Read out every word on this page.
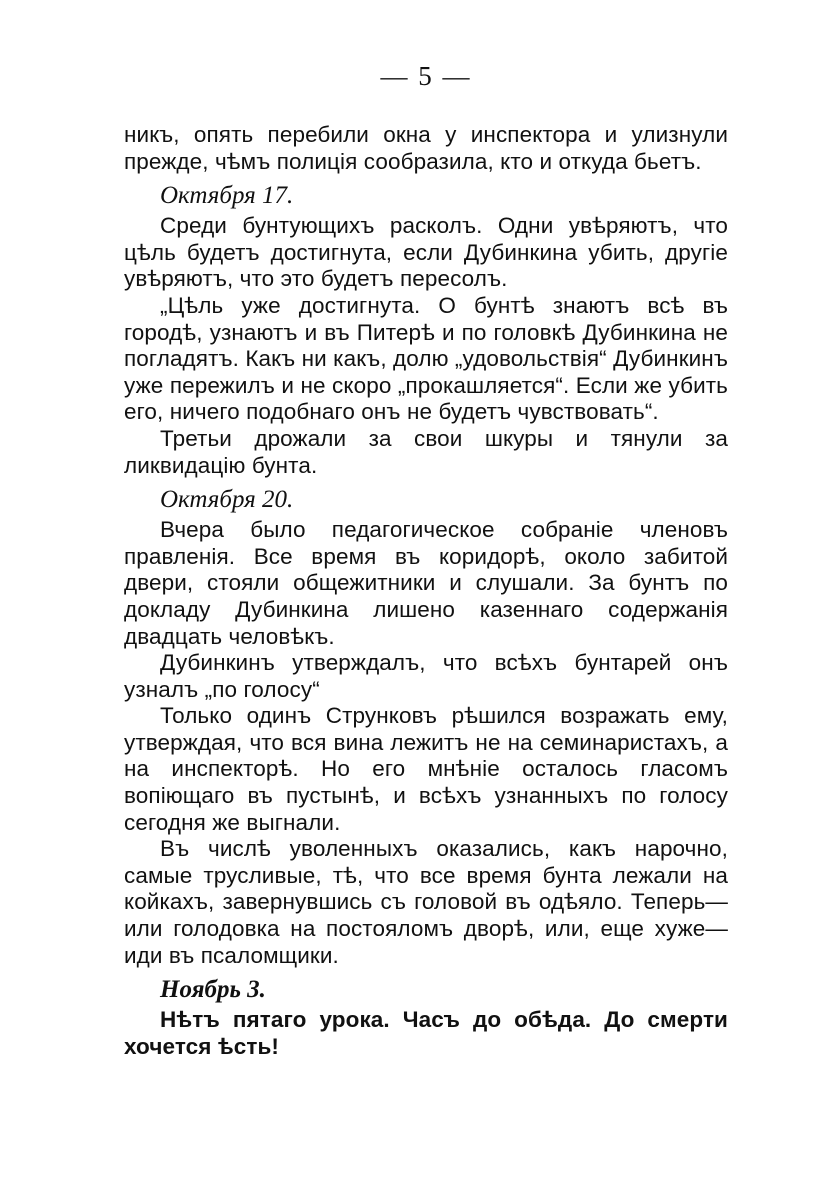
— 5 —

никъ, опять перебили окна у инспектора и улизнули прежде, чѣмъ полиція сообразила, кто и откуда бьетъ.

Октября 17.

Среди бунтующихъ расколъ. Одни увѣряютъ, что цѣль будетъ достигнута, если Дубинкина убить, другіе увѣряютъ, что это будетъ пересолъ.

„Цѣль уже достигнута. О бунтѣ знаютъ всѣ въ городѣ, узнаютъ и въ Питерѣ и по головкѣ Дубинкина не погладятъ. Какъ ни какъ, долю „удовольствія“ Дубинкинъ уже пережилъ и не скоро „прокашляется“. Если же убить его, ничего подобнаго онъ не будетъ чувствовать“.

Третьи дрожали за свои шкуры и тянули за ликвидацію бунта.

Октября 20.

Вчера было педагогическое собраніе членовъ правленія. Все время въ коридорѣ, около забитой двери, стояли общежитники и слушали. За бунтъ по докладу Дубинкина лишено казеннаго содержанія двадцать человѣкъ.

Дубинкинъ утверждалъ, что всѣхъ бунтарей онъ узналъ „по голосу“

Только одинъ Струнковъ рѣшился возражать ему, утверждая, что вся вина лежитъ не на семинаристахъ, а на инспекторѣ. Но его мнѣніе осталось гласомъ вопіющаго въ пустынѣ, и всѣхъ узнанныхъ по голосу сегодня же выгнали.

Въ числѣ уволенныхъ оказались, какъ нарочно, самые трусливые, тѣ, что все время бунта лежали на койкахъ, завернувшись съ головой въ одѣяло. Теперь—или голодовка на постояломъ дворѣ, или, еще хуже—иди въ псаломщики.

Ноябрь 3.

Нѣтъ пятаго урока. Часъ до обѣда. До смерти хочется ѣсть!
